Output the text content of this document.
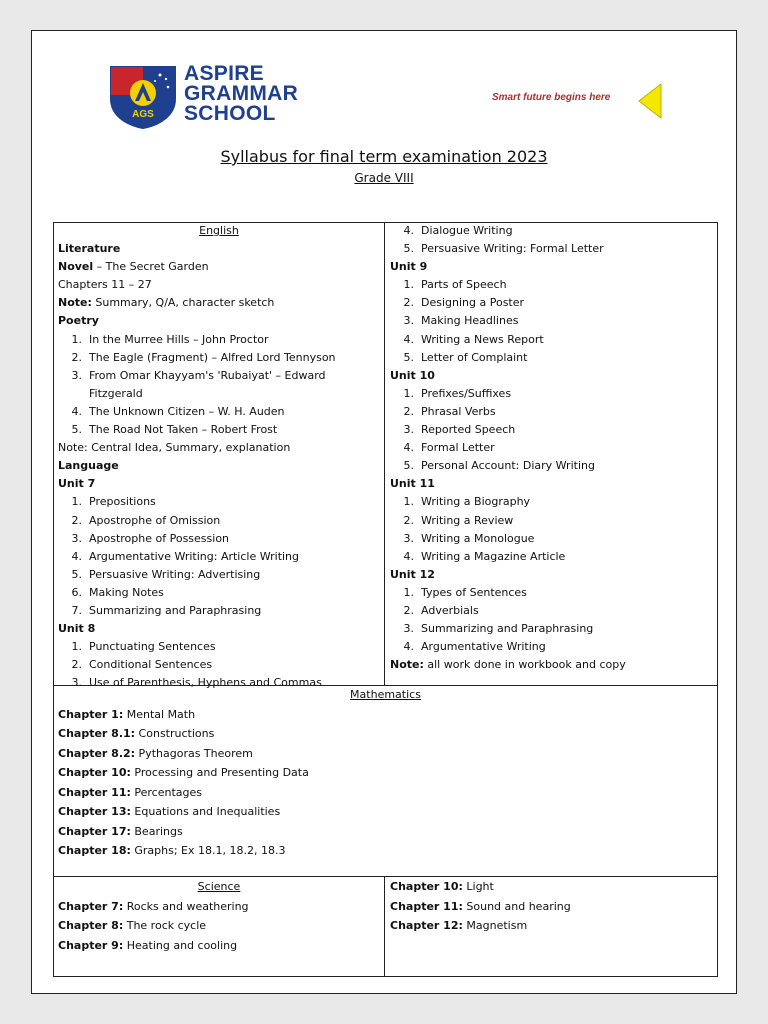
AGS
ASPIRE
GRAMMAR
SCHOOL
Smart future begins here
Syllabus for final term examination 2023
Grade VIII
English
Literature
Novel – The Secret Garden
Chapters 11 – 27
Note: Summary, Q/A, character sketch
Poetry
1. In the Murree Hills – John Proctor
2. The Eagle (Fragment) – Alfred Lord Tennyson
3. From Omar Khayyam's 'Rubaiyat' – Edward Fitzgerald
4. The Unknown Citizen – W. H. Auden
5. The Road Not Taken – Robert Frost
Note: Central Idea, Summary, explanation
Language
Unit 7
1. Prepositions
2. Apostrophe of Omission
3. Apostrophe of Possession
4. Argumentative Writing: Article Writing
5. Persuasive Writing: Advertising
6. Making Notes
7. Summarizing and Paraphrasing
Unit 8
1. Punctuating Sentences
2. Conditional Sentences
3. Use of Parenthesis, Hyphens and Commas
4. Dialogue Writing
5. Persuasive Writing: Formal Letter
Unit 9
1. Parts of Speech
2. Designing a Poster
3. Making Headlines
4. Writing a News Report
5. Letter of Complaint
Unit 10
1. Prefixes/Suffixes
2. Phrasal Verbs
3. Reported Speech
4. Formal Letter
5. Personal Account: Diary Writing
Unit 11
1. Writing a Biography
2. Writing a Review
3. Writing a Monologue
4. Writing a Magazine Article
Unit 12
1. Types of Sentences
2. Adverbials
3. Summarizing and Paraphrasing
4. Argumentative Writing
Note: all work done in workbook and copy
Mathematics
Chapter 1: Mental Math
Chapter 8.1: Constructions
Chapter 8.2: Pythagoras Theorem
Chapter 10: Processing and Presenting Data
Chapter 11: Percentages
Chapter 13: Equations and Inequalities
Chapter 17: Bearings
Chapter 18: Graphs; Ex 18.1, 18.2, 18.3
Science
Chapter 7: Rocks and weathering
Chapter 8: The rock cycle
Chapter 9: Heating and cooling
Chapter 10: Light
Chapter 11: Sound and hearing
Chapter 12: Magnetism
